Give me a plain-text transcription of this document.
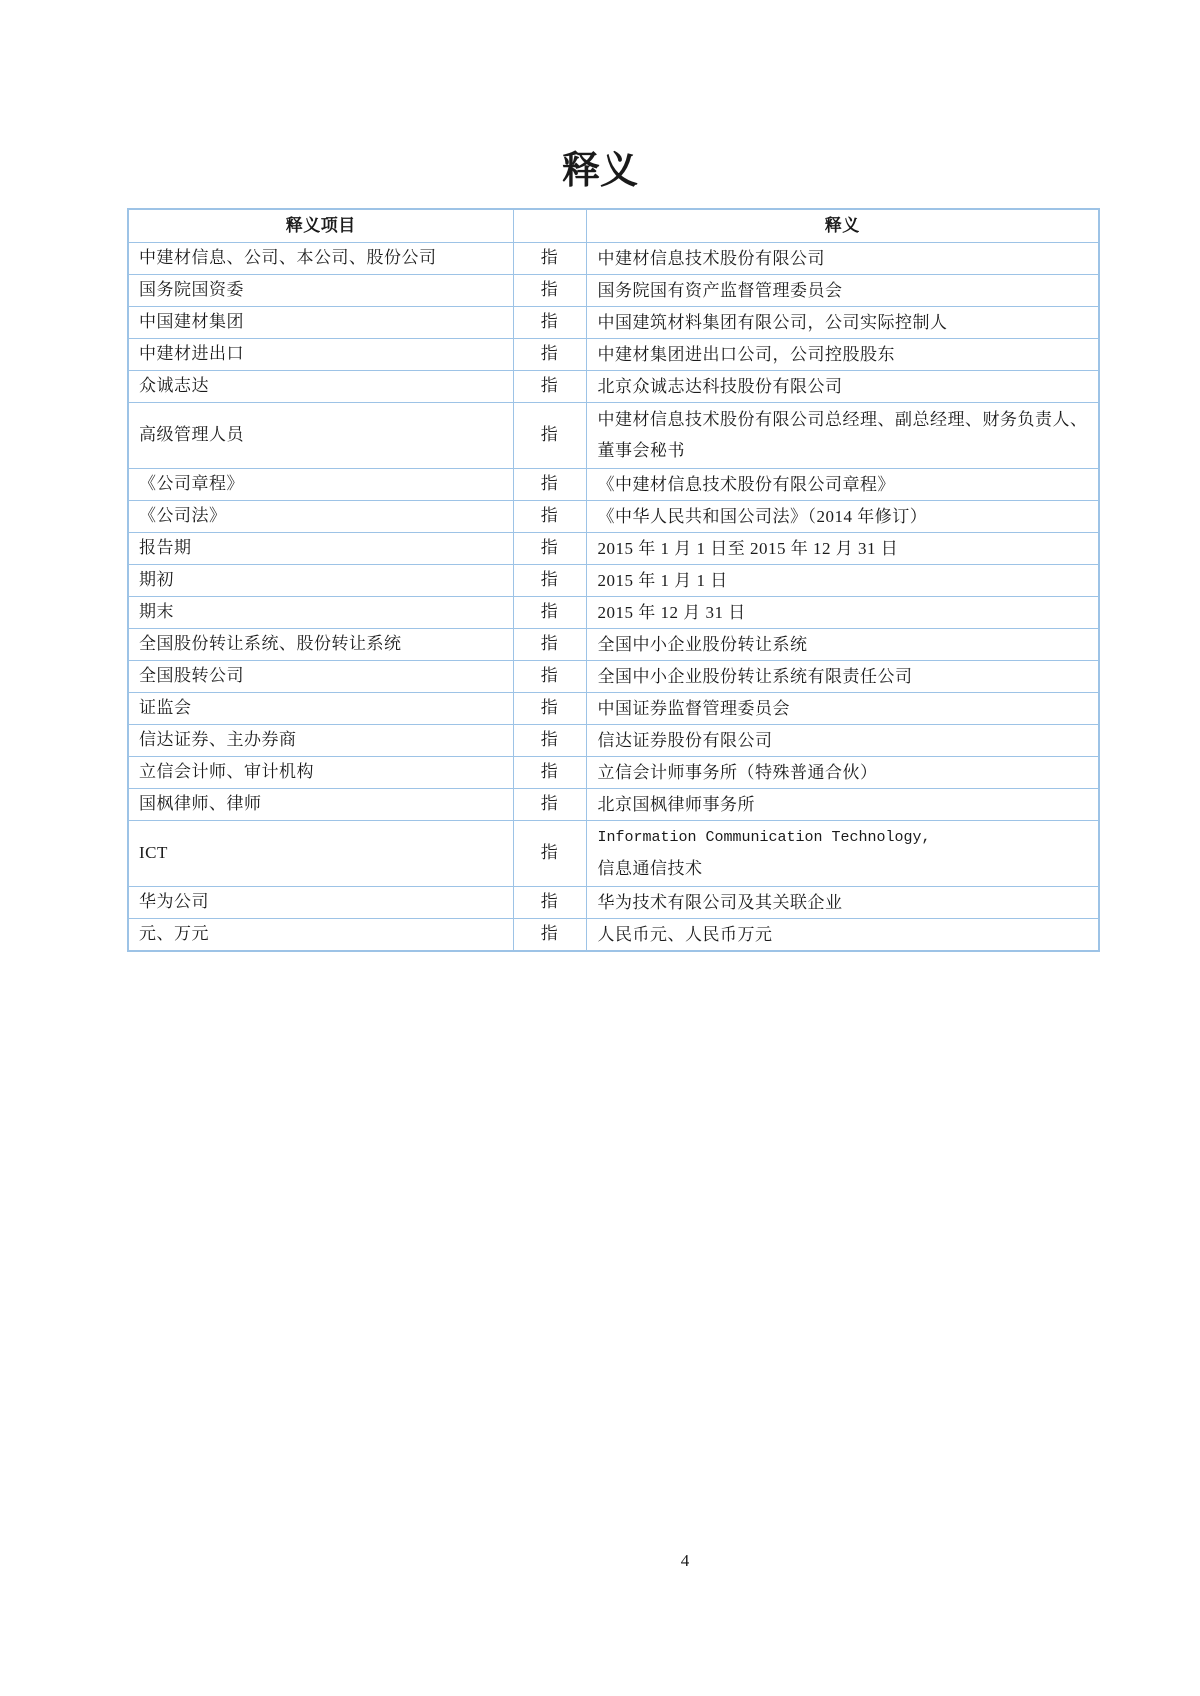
释义
释义项目		释义
中建材信息、公司、本公司、股份公司	指	中建材信息技术股份有限公司

国务院国资委	指	国务院国有资产监督管理委员会

中国建材集团	指	中国建筑材料集团有限公司，公司实际控制人

中建材进出口	指	中建材集团进出口公司，公司控股股东

众诚志达	指	北京众诚志达科技股份有限公司

高级管理人员	指	中建材信息技术股份有限公司总经理、副总经理、财务负责人、
董事会秘书

《公司章程》	指	《中建材信息技术股份有限公司章程》

《公司法》	指	《中华人民共和国公司法》（2014 年修订）

报告期	指	2015 年 1 月 1 日至 2015 年 12 月 31 日

期初	指	2015 年 1 月 1 日

期末	指	2015 年 12 月 31 日

全国股份转让系统、股份转让系统	指	全国中小企业股份转让系统

全国股转公司	指	全国中小企业股份转让系统有限责任公司

证监会	指	中国证券监督管理委员会

信达证券、主办券商	指	信达证券股份有限公司

立信会计师、审计机构	指	立信会计师事务所（特殊普通合伙）

国枫律师、律师	指	北京国枫律师事务所

ICT	指	Information Communication Technology,
信息通信技术

华为公司	指	华为技术有限公司及其关联企业

元、万元	指	人民币元、人民币万元
4
